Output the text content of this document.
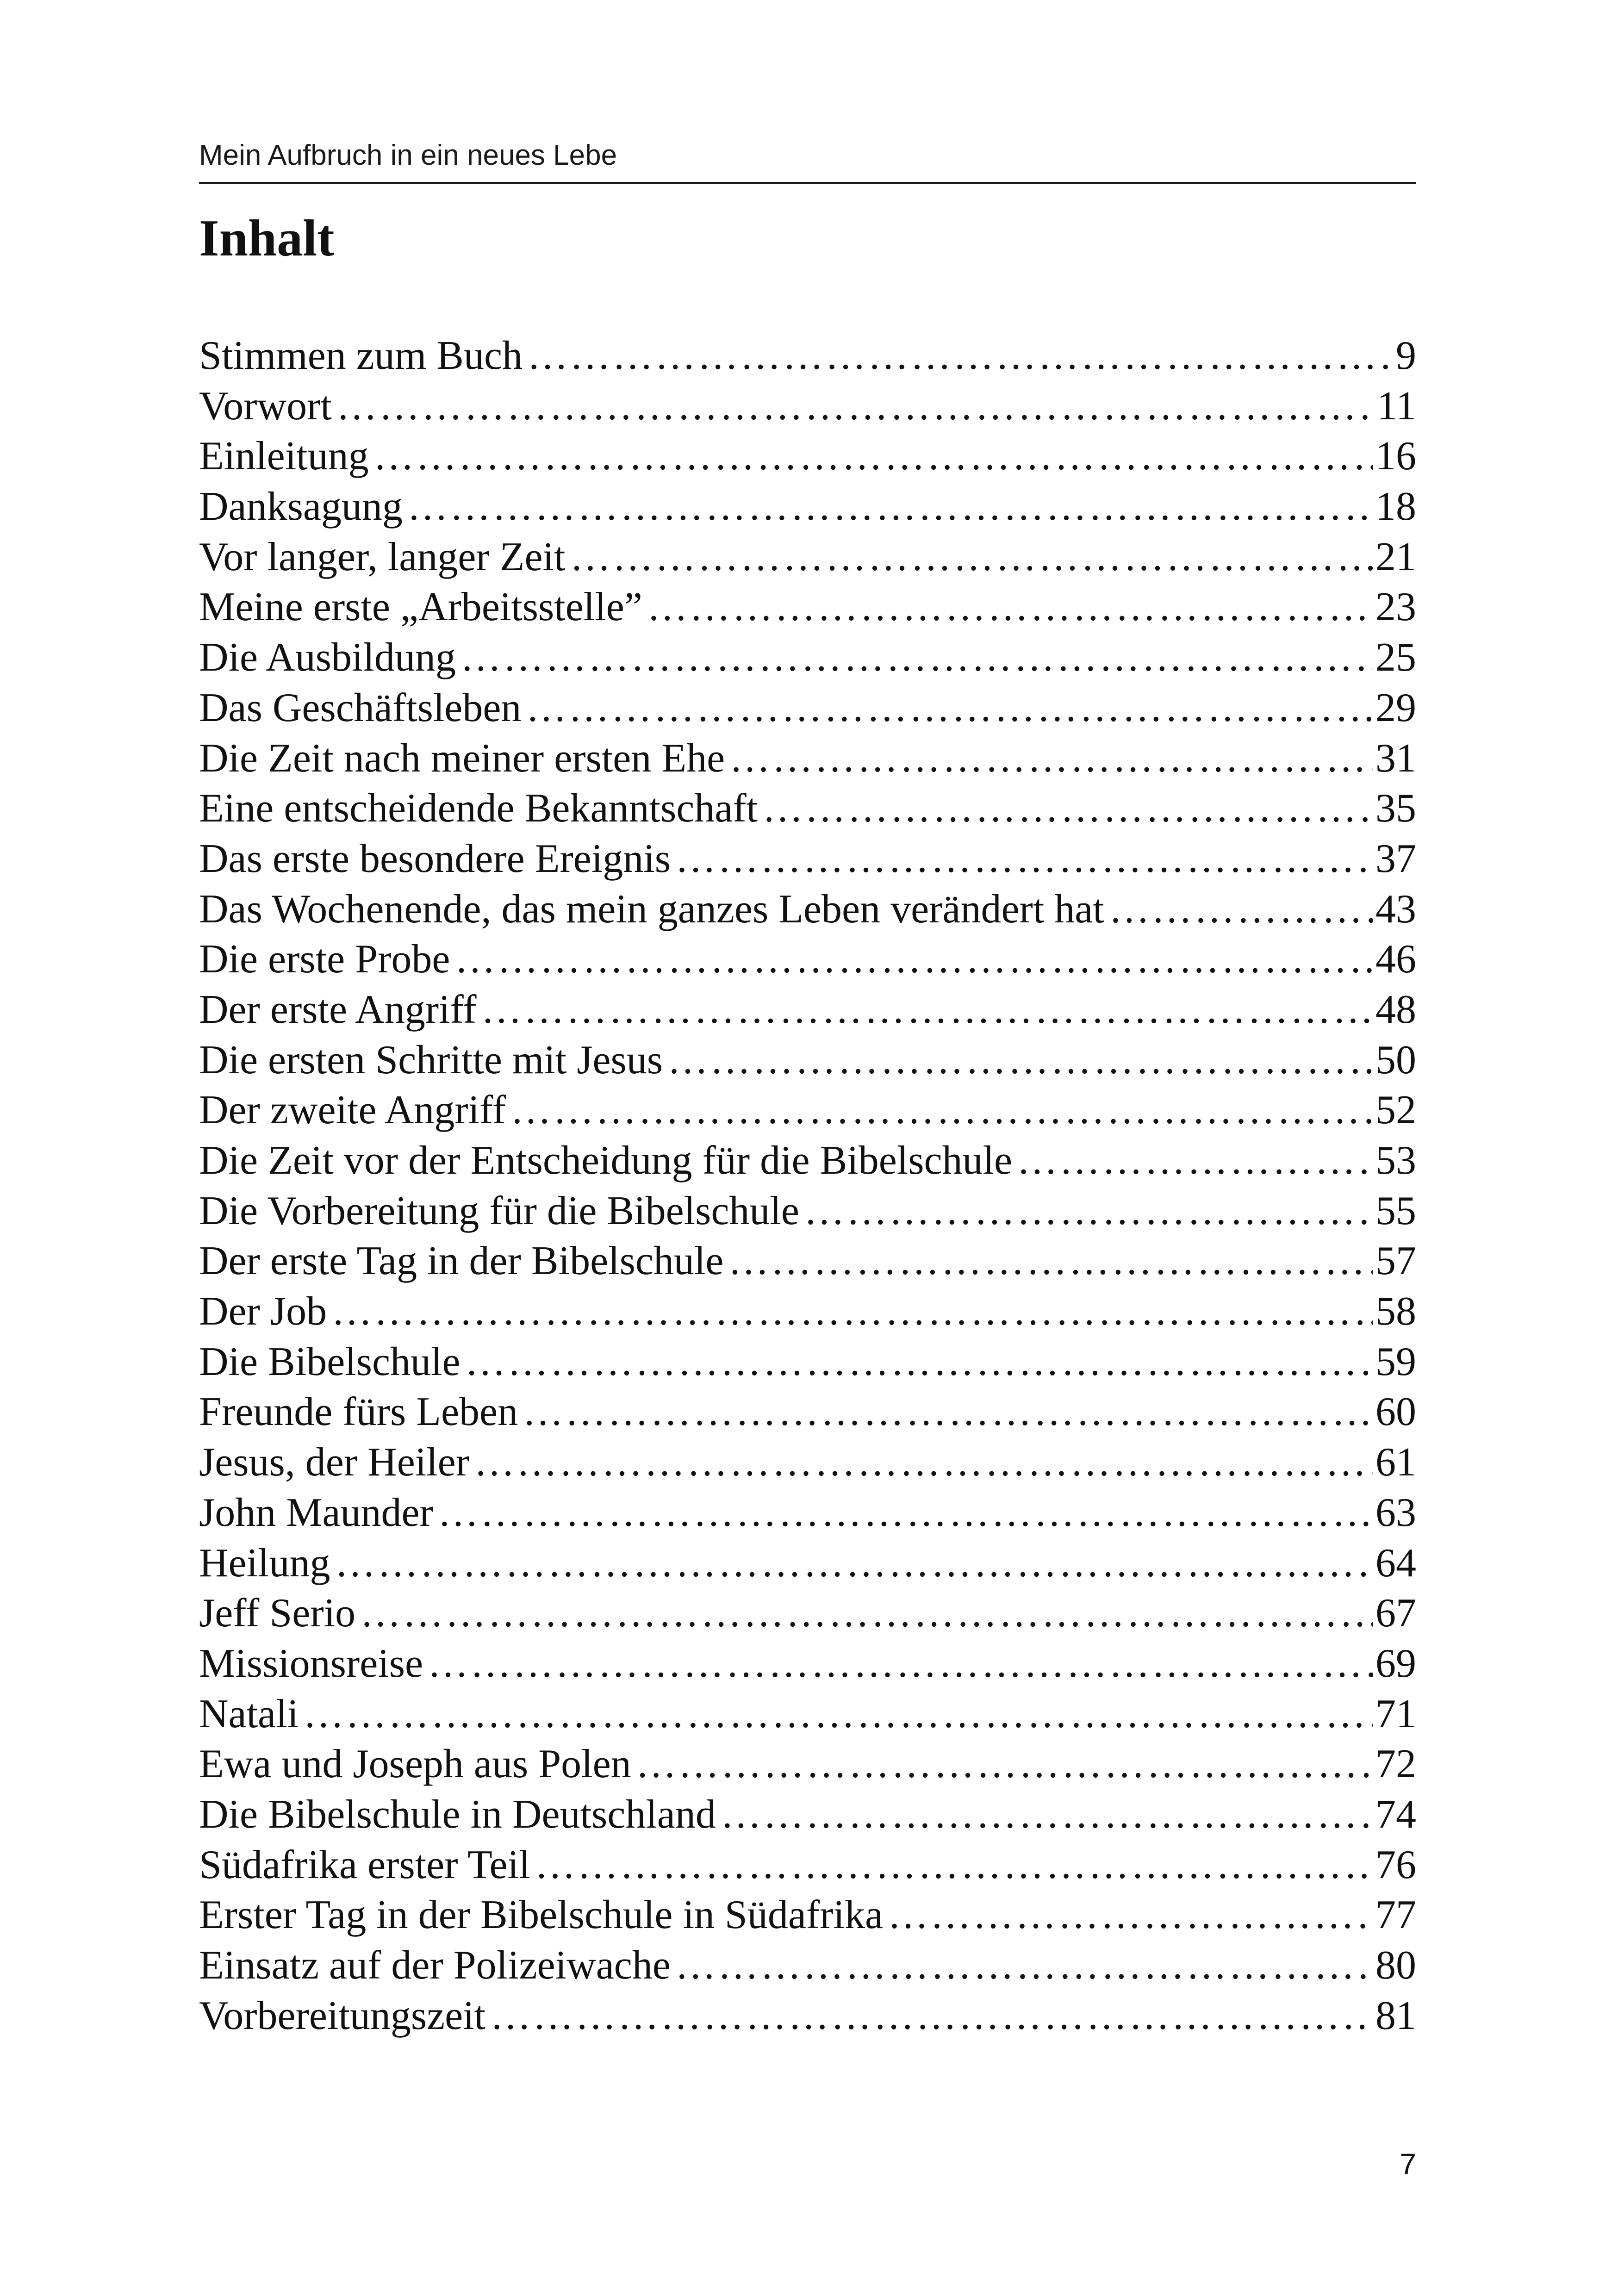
Mein Aufbruch in ein neues Lebe
Inhalt
Stimmen zum Buch ……………………………………………………………………………………………………………………………………………………………………………………………………	9
Vorwort ……………………………………………………………………………………………………………………………………………………………………………………………………	11
Einleitung ……………………………………………………………………………………………………………………………………………………………………………………………………	16
Danksagung ……………………………………………………………………………………………………………………………………………………………………………………………………	18
Vor langer, langer Zeit ……………………………………………………………………………………………………………………………………………………………………………………………………	21
Meine erste „Arbeitsstelle” ……………………………………………………………………………………………………………………………………………………………………………………………………	23
Die Ausbildung ……………………………………………………………………………………………………………………………………………………………………………………………………	25
Das Geschäftsleben ……………………………………………………………………………………………………………………………………………………………………………………………………	29
Die Zeit nach meiner ersten Ehe ……………………………………………………………………………………………………………………………………………………………………………………………………	31
Eine entscheidende Bekanntschaft ……………………………………………………………………………………………………………………………………………………………………………………………………	35
Das erste besondere Ereignis ……………………………………………………………………………………………………………………………………………………………………………………………………	37
Das Wochenende, das mein ganzes Leben verändert hat ……………………………………………………………………………………………………………………………………………………………………………………………………	43
Die erste Probe ……………………………………………………………………………………………………………………………………………………………………………………………………	46
Der erste Angriff ……………………………………………………………………………………………………………………………………………………………………………………………………	48
Die ersten Schritte mit Jesus ……………………………………………………………………………………………………………………………………………………………………………………………………	50
Der zweite Angriff ……………………………………………………………………………………………………………………………………………………………………………………………………	52
Die Zeit vor der Entscheidung für die Bibelschule ……………………………………………………………………………………………………………………………………………………………………………………………………	53
Die Vorbereitung für die Bibelschule ……………………………………………………………………………………………………………………………………………………………………………………………………	55
Der erste Tag in der Bibelschule ……………………………………………………………………………………………………………………………………………………………………………………………………	57
Der Job ……………………………………………………………………………………………………………………………………………………………………………………………………	58
Die Bibelschule ……………………………………………………………………………………………………………………………………………………………………………………………………	59
Freunde fürs Leben ……………………………………………………………………………………………………………………………………………………………………………………………………	60
Jesus, der Heiler ……………………………………………………………………………………………………………………………………………………………………………………………………	61
John Maunder ……………………………………………………………………………………………………………………………………………………………………………………………………	63
Heilung ……………………………………………………………………………………………………………………………………………………………………………………………………	64
Jeff Serio ……………………………………………………………………………………………………………………………………………………………………………………………………	67
Missionsreise ……………………………………………………………………………………………………………………………………………………………………………………………………	69
Natali ……………………………………………………………………………………………………………………………………………………………………………………………………	71
Ewa und Joseph aus Polen ……………………………………………………………………………………………………………………………………………………………………………………………………	72
Die Bibelschule in Deutschland ……………………………………………………………………………………………………………………………………………………………………………………………………	74
Südafrika erster Teil ……………………………………………………………………………………………………………………………………………………………………………………………………	76
Erster Tag in der Bibelschule in Südafrika ……………………………………………………………………………………………………………………………………………………………………………………………………	77
Einsatz auf der Polizeiwache ……………………………………………………………………………………………………………………………………………………………………………………………………	80
Vorbereitungszeit ……………………………………………………………………………………………………………………………………………………………………………………………………	81
7
